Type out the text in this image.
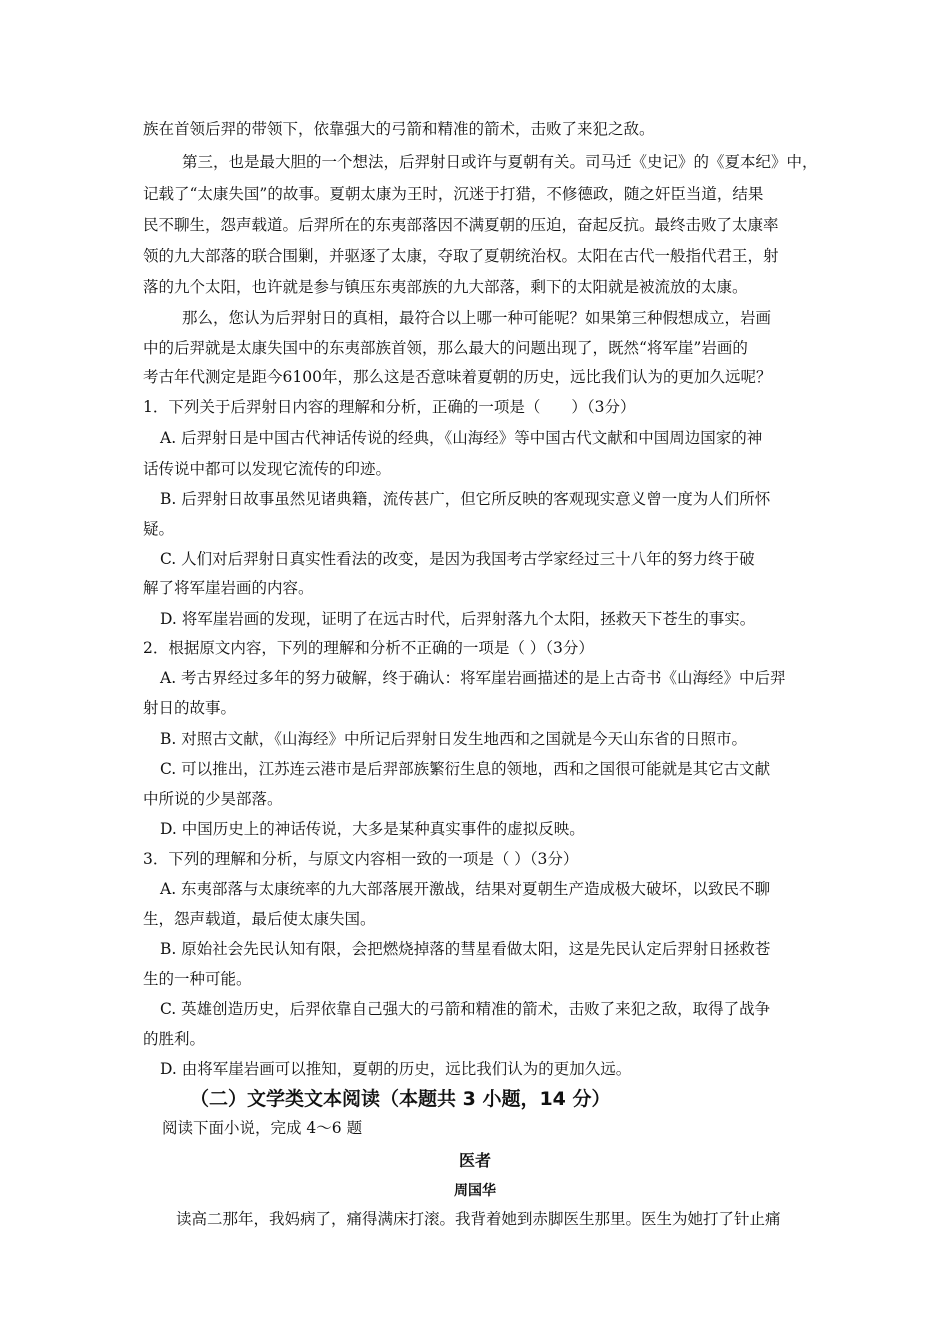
族在首领后羿的带领下，依靠强大的弓箭和精准的箭术，击败了来犯之敌。
第三，也是最大胆的一个想法，后羿射日或许与夏朝有关。司马迁《史记》的《夏本纪》中，
记载了“太康失国”的故事。夏朝太康为王时，沉迷于打猎，不修德政，随之奸臣当道，结果
民不聊生，怨声载道。后羿所在的东夷部落因不满夏朝的压迫，奋起反抗。最终击败了太康率
领的九大部落的联合围剿，并驱逐了太康，夺取了夏朝统治权。太阳在古代一般指代君王，射
落的九个太阳，也许就是参与镇压东夷部族的九大部落，剩下的太阳就是被流放的太康。
那么，您认为后羿射日的真相，最符合以上哪一种可能呢？如果第三种假想成立，岩画
中的后羿就是太康失国中的东夷部族首领，那么最大的问题出现了，既然“将军崖”岩画的
考古年代测定是距今6100年，那么这是否意味着夏朝的历史，远比我们认为的更加久远呢？
1．下列关于后羿射日内容的理解和分析，正确的一项是（　　）（3分）
A. 后羿射日是中国古代神话传说的经典，《山海经》等中国古代文献和中国周边国家的神
话传说中都可以发现它流传的印迹。
B. 后羿射日故事虽然见诸典籍，流传甚广，但它所反映的客观现实意义曾一度为人们所怀
疑。
C. 人们对后羿射日真实性看法的改变，是因为我国考古学家经过三十八年的努力终于破
解了将军崖岩画的内容。
D. 将军崖岩画的发现，证明了在远古时代，后羿射落九个太阳，拯救天下苍生的事实。
2．根据原文内容，下列的理解和分析不正确的一项是（ ）（3分）
A. 考古界经过多年的努力破解，终于确认：将军崖岩画描述的是上古奇书《山海经》中后羿
射日的故事。
B. 对照古文献，《山海经》中所记后羿射日发生地西和之国就是今天山东省的日照市。
C. 可以推出，江苏连云港市是后羿部族繁衍生息的领地，西和之国很可能就是其它古文献
中所说的少昊部落。
D. 中国历史上的神话传说，大多是某种真实事件的虚拟反映。
3．下列的理解和分析，与原文内容相一致的一项是（ ）（3分）
A. 东夷部落与太康统率的九大部落展开激战，结果对夏朝生产造成极大破坏，以致民不聊
生，怨声载道，最后使太康失国。
B. 原始社会先民认知有限，会把燃烧掉落的彗星看做太阳，这是先民认定后羿射日拯救苍
生的一种可能。
C. 英雄创造历史，后羿依靠自己强大的弓箭和精准的箭术，击败了来犯之敌，取得了战争
的胜利。
D. 由将军崖岩画可以推知，夏朝的历史，远比我们认为的更加久远。
（二）文学类文本阅读（本题共 3 小题，14 分）
阅读下面小说，完成 4～6 题
医者
周国华
读高二那年，我妈病了，痛得满床打滚。我背着她到赤脚医生那里。医生为她打了针止痛
